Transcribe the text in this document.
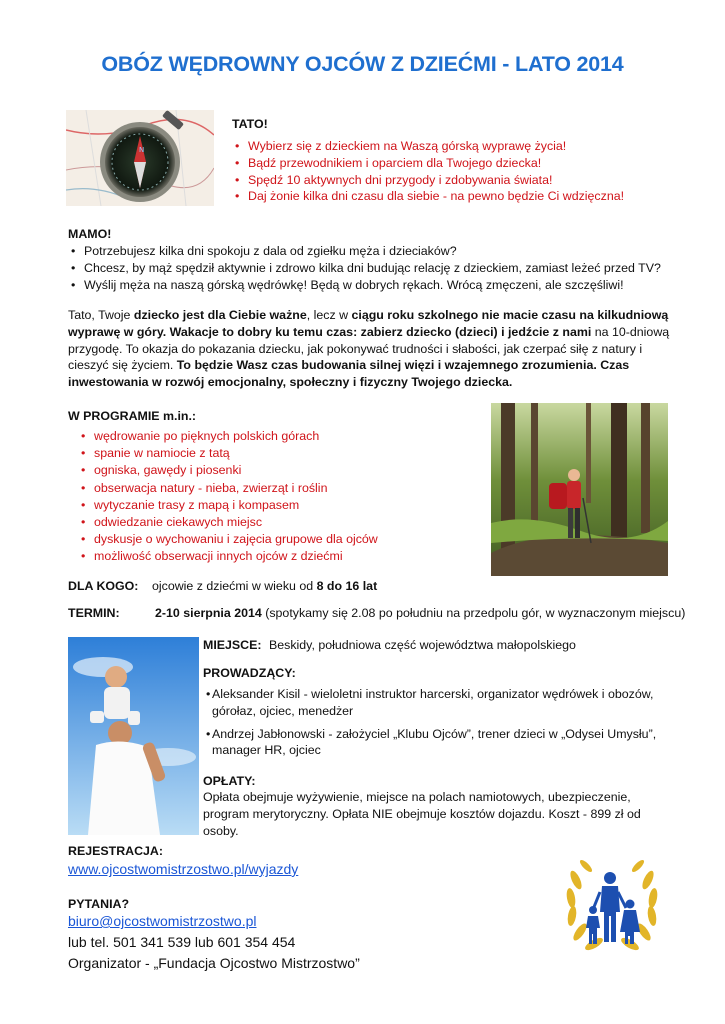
OBÓZ WĘDROWNY OJCÓW Z DZIEĆMI - LATO 2014
N
TATO!
• Wybierz się z dzieckiem na Waszą górską wyprawę życia!
• Bądź przewodnikiem i oparciem dla Twojego dziecka!
• Spędź 10 aktywnych dni przygody i zdobywania świata!
• Daj żonie kilka dni czasu dla siebie - na pewno będzie Ci wdzięczna!
MAMO!
• Potrzebujesz kilka dni spokoju z dala od zgiełku męża i dzieciaków?
• Chcesz, by mąż spędził aktywnie i zdrowo kilka dni budując relację z dzieckiem, zamiast leżeć przed TV?
• Wyślij męża na naszą górską wędrówkę! Będą w dobrych rękach. Wrócą zmęczeni, ale szczęśliwi!

Tato, Twoje dziecko jest dla Ciebie ważne, lecz w ciągu roku szkolnego nie macie czasu na kilkudniową wyprawę w góry. Wakacje to dobry ku temu czas: zabierz dziecko (dzieci) i jedźcie z nami na 10-dniową przygodę. To okazja do pokazania dziecku, jak pokonywać trudności i słabości, jak czerpać siłę z natury i cieszyć się życiem. To będzie Wasz czas budowania silnej więzi i wzajemnego zrozumienia. Czas inwestowania w rozwój emocjonalny, społeczny i fizyczny Twojego dziecka.

W PROGRAMIE m.in.:
• wędrowanie po pięknych polskich górach
• spanie w namiocie z tatą
• ogniska, gawędy i piosenki
• obserwacja natury - nieba, zwierząt i roślin
• wytyczanie trasy z mapą i kompasem
• odwiedzanie ciekawych miejsc
• dyskusje o wychowaniu i zajęcia grupowe dla ojców
• możliwość obserwacji innych ojców z dziećmi
DLA KOGO: ojcowie z dziećmi w wieku od 8 do 16 lat
TERMIN:	2-10 sierpnia 2014 (spotykamy się 2.08 po południu na przedpolu gór, w wyznaczonym miejscu)
MIEJSCE: Beskidy, południowa część województwa małopolskiego
PROWADZĄCY:
• Aleksander Kisil - wieloletni instruktor harcerski, organizator wędrówek i obozów, górołaz, ojciec, menedżer
• Andrzej Jabłonowski - założyciel „Klubu Ojców”, trener dzieci w „Odysei Umysłu”, manager HR, ojciec
OPŁATY:

Opłata obejmuje wyżywienie, miejsce na polach namiotowych, ubezpieczenie, program merytoryczny. Opłata NIE obejmuje kosztów dojazdu. Koszt - 899 zł od osoby.

REJESTRACJA:
www.ojcostwomistrzostwo.pl/wyjazdy
PYTANIA?
biuro@ojcostwomistrzostwo.pl
lub tel. 501 341 539 lub 601 354 454
Organizator - „Fundacja Ojcostwo Mistrzostwo”
